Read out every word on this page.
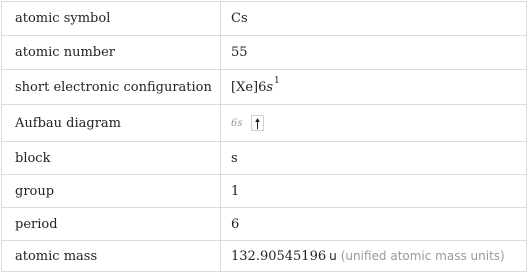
atomic symbol	Cs
atomic number	55
short electronic configuration	[Xe]6 s 1
Aufbau diagram	6s
block	s
group	1
period	6
atomic mass	132.90545196 u (unified atomic mass units)
